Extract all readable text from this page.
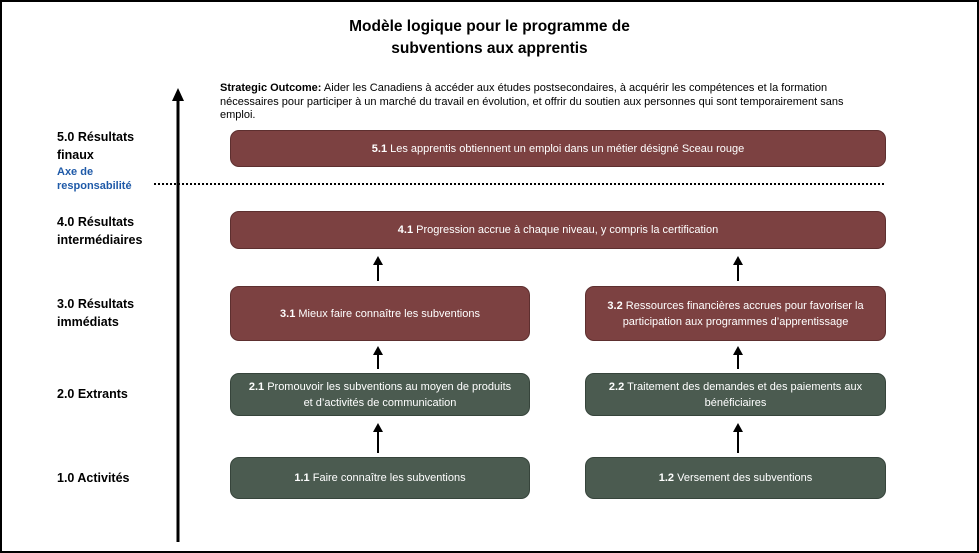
Modèle logique pour le programme de
subventions aux apprentis
Strategic Outcome: Aider les Canadiens à accéder aux études postsecondaires, à acquérir les compétences et la formation nécessaires pour participer à un marché du travail en évolution, et offrir du soutien aux personnes qui sont temporairement sans emploi.
5.0 Résultats finaux
Axe de responsabilité
4.0 Résultats intermédiaires
3.0 Résultats immédiats
2.0 Extrants
1.0 Activités
5.1 Les apprentis obtiennent un emploi dans un métier désigné Sceau rouge
4.1 Progression accrue à chaque niveau, y compris la certification
3.1 Mieux faire connaître les subventions
3.2 Ressources financières accrues pour favoriser la participation aux programmes d’apprentissage
2.1 Promouvoir les subventions au moyen de produits et d’activités de communication
2.2 Traitement des demandes et des paiements aux bénéficiaires
1.1 Faire connaître les subventions	1.2 Versement des subventions
